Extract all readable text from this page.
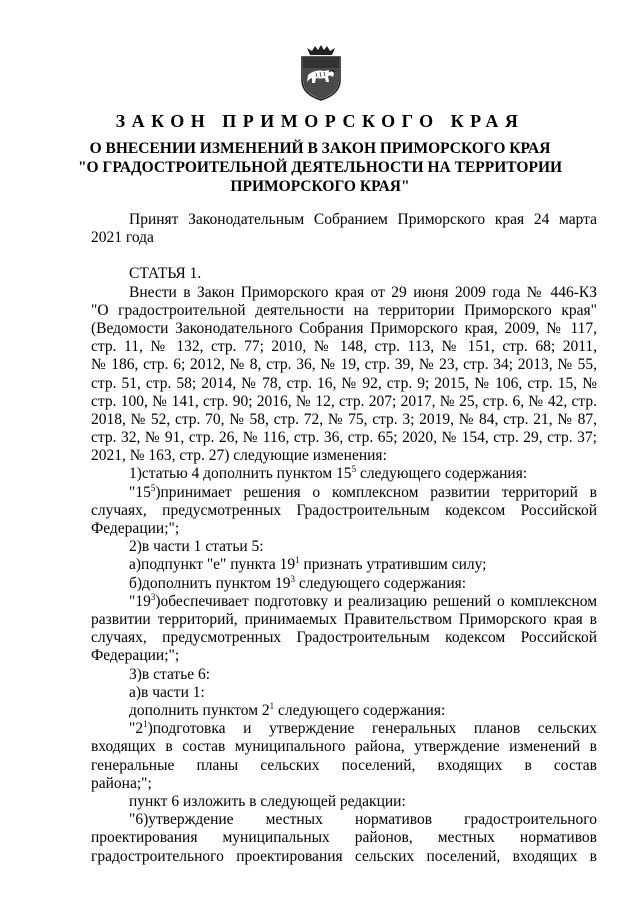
ЗАКОН ПРИМОРСКОГО КРАЯ
О ВНЕСЕНИИ ИЗМЕНЕНИЙ В ЗАКОН ПРИМОРСКОГО КРАЯ
"О ГРАДОСТРОИТЕЛЬНОЙ ДЕЯТЕЛЬНОСТИ НА ТЕРРИТОРИИ
ПРИМОРСКОГО КРАЯ"
Принят Законодательным Собранием Приморского края 24 марта
2021 года
СТАТЬЯ 1.
Внести в Закон Приморского края от 29 июня 2009 года № 446-КЗ
"О градостроительной деятельности на территории Приморского края"
(Ведомости Законодательного Собрания Приморского края, 2009, № 117,
стр. 11, № 132, стр. 77; 2010, № 148, стр. 113, № 151, стр. 68; 2011,
№ 186, стр. 6; 2012, № 8, стр. 36, № 19, стр. 39, № 23, стр. 34; 2013, № 55,
стр. 51, стр. 58; 2014, № 78, стр. 16, № 92, стр. 9; 2015, № 106, стр. 15, №
стр. 100, № 141, стр. 90; 2016, № 12, стр. 207; 2017, № 25, стр. 6, № 42, стр.
2018, № 52, стр. 70, № 58, стр. 72, № 75, стр. 3; 2019, № 84, стр. 21, № 87,
стр. 32, № 91, стр. 26, № 116, стр. 36, стр. 65; 2020, № 154, стр. 29, стр. 37;
2021, № 163, стр. 27) следующие изменения:
1)статью 4 дополнить пунктом $15^5$ следующего содержания:
"$15^5)принимает$ решения о комплексном развитии территорий в
случаях, предусмотренных Градостроительным кодексом Российской
Федерации;";
2)в части 1 статьи 5:
а)подпункт "е" пункта $19^1$ признать утратившим силу;
б)дополнить пунктом $19^3$ следующего содержания:
"$19^3)обеспечивает$ подготовку и реализацию решений о комплексном
развитии территорий, принимаемых Правительством Приморского края в
случаях, предусмотренных Градостроительным кодексом Российской
Федерации;";
3)в статье 6:
а)в части 1:
дополнить пунктом $2^1$ следующего содержания:
"$2^1)подготовка$ и утверждение генеральных планов сельских
входящих в состав муниципального района, утверждение изменений в
генеральные планы сельских поселений, входящих в состав
района;";
пункт 6 изложить в следующей редакции:
"6)утверждение местных нормативов градостроительного
проектирования муниципальных районов, местных нормативов
градостроительного проектирования сельских поселений, входящих в
